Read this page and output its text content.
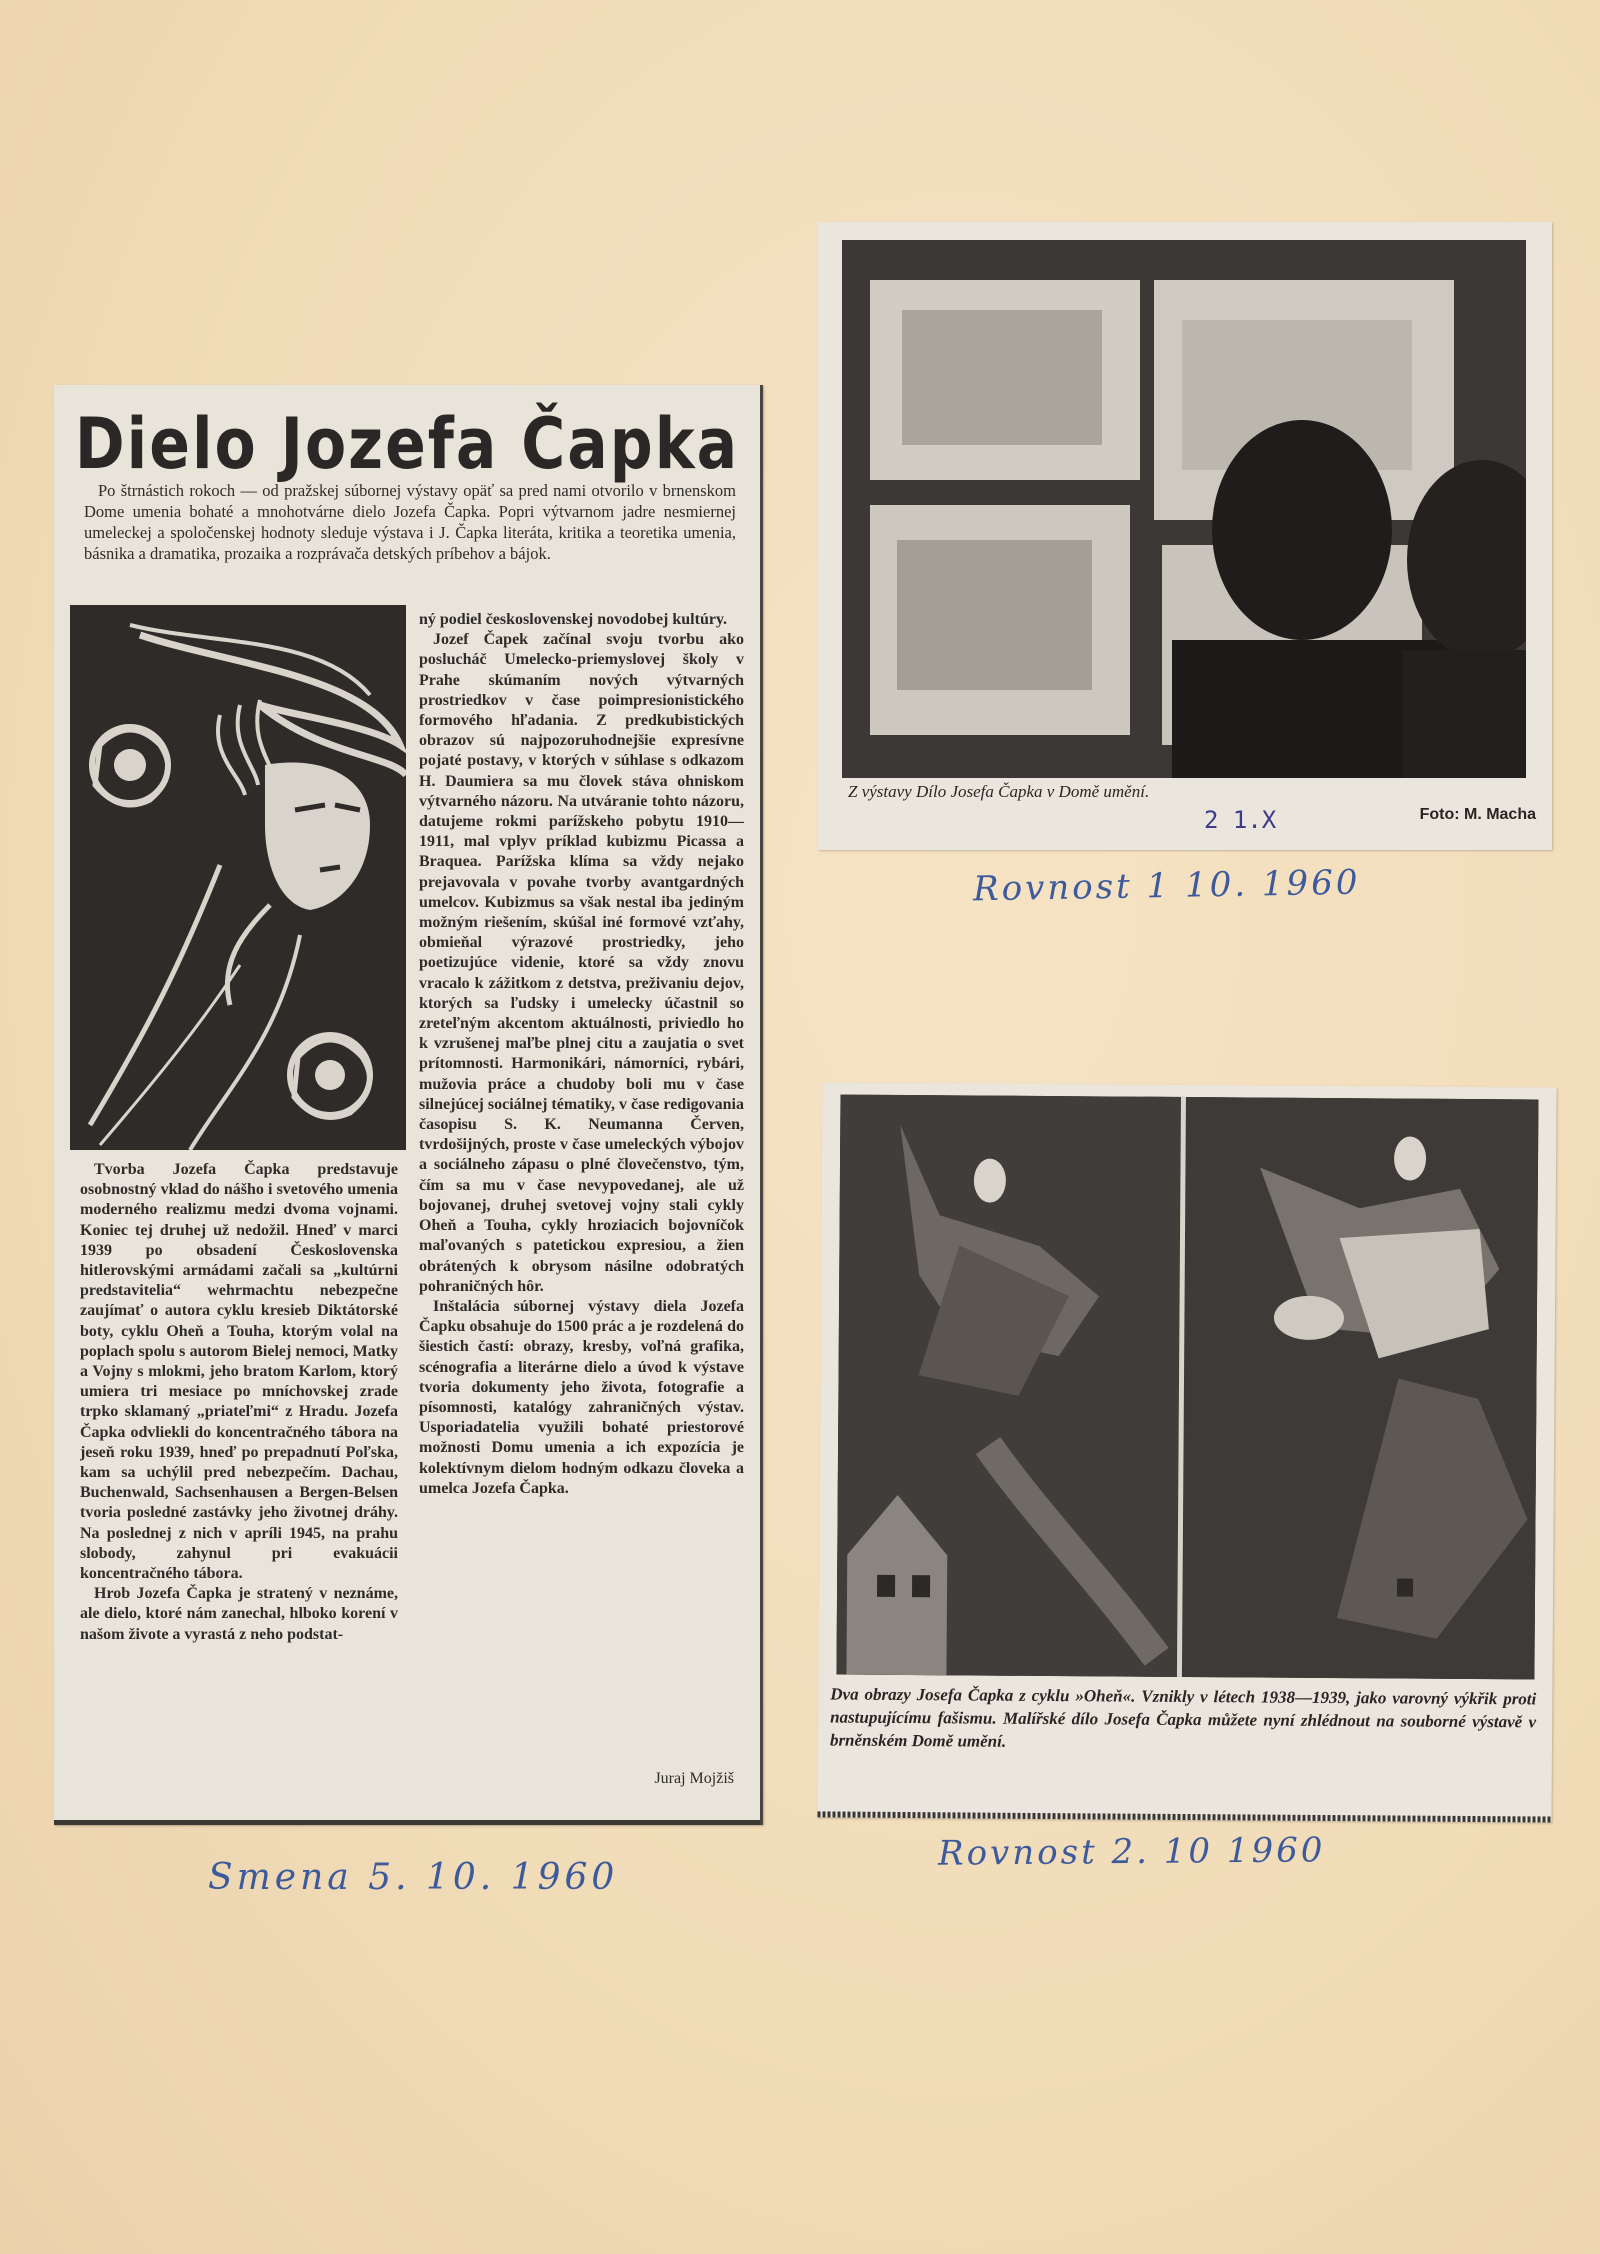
Dielo Jozefa Čapka
Po štrnástich rokoch — od pražskej súbornej výstavy opäť sa pred nami otvorilo v brnenskom Dome umenia bohaté a mnohotvárne dielo Jozefa Čapka. Popri výtvarnom jadre nesmiernej umeleckej a spoločenskej hodnoty sleduje výstava i J. Čapka literáta, kritika a teoretika umenia, básnika a dramatika, prozaika a rozprávača detských príbehov a bájok.

Tvorba Jozefa Čapka predstavuje osobnostný vklad do nášho i svetového umenia moderného realizmu medzi dvoma vojnami. Koniec tej druhej už nedožil. Hneď v marci 1939 po obsadení Československa hitlerovskými armádami začali sa „kultúrni predstavitelia“ wehrmachtu nebezpečne zaujímať o autora cyklu kresieb Diktátorské boty, cyklu Oheň a Touha, ktorým volal na poplach spolu s autorom Bielej nemoci, Matky a Vojny s mlokmi, jeho bratom Karlom, ktorý umiera tri mesiace po mníchovskej zrade trpko sklamaný „priateľmi“ z Hradu. Jozefa Čapka odvliekli do koncentračného tábora na jeseň roku 1939, hneď po prepadnutí Poľska, kam sa uchýlil pred nebezpečím. Dachau, Buchenwald, Sachsenhausen a Bergen-Belsen tvoria posledné zastávky jeho životnej dráhy. Na poslednej z nich v apríli 1945, na prahu slobody, zahynul pri evakuácii koncentračného tábora.

Hrob Jozefa Čapka je stratený v neznáme, ale dielo, ktoré nám zanechal, hlboko korení v našom živote a vyrastá z neho podstat-

ný podiel československej novodobej kultúry.

Jozef Čapek začínal svoju tvorbu ako poslucháč Umelecko-priemyslovej školy v Prahe skúmaním nových výtvarných prostriedkov v čase poimpresionistického formového hľadania. Z predkubistických obrazov sú najpozoruhodnejšie expresívne pojaté postavy, v ktorých v súhlase s odkazom H. Daumiera sa mu človek stáva ohniskom výtvarného názoru. Na utváranie tohto názoru, datujeme rokmi parížskeho pobytu 1910—1911, mal vplyv príklad kubizmu Picassa a Braquea. Parížska klíma sa vždy nejako prejavovala v povahe tvorby avantgardných umelcov. Kubizmus sa však nestal iba jediným možným riešením, skúšal iné formové vzťahy, obmieňal výrazové prostriedky, jeho poetizujúce videnie, ktoré sa vždy znovu vracalo k zážitkom z detstva, preživaniu dejov, ktorých sa ľudsky i umelecky účastnil so zreteľným akcentom aktuálnosti, priviedlo ho k vzrušenej maľbe plnej citu a zaujatia o svet prítomnosti. Harmonikári, námorníci, rybári, mužovia práce a chudoby boli mu v čase silnejúcej sociálnej tématiky, v čase redigovania časopisu S. K. Neumanna Červen, tvrdošijných, proste v čase umeleckých výbojov a sociálneho zápasu o plné človečenstvo, tým, čím sa mu v čase nevypovedanej, ale už bojovanej, druhej svetovej vojny stali cykly Oheň a Touha, cykly hroziacich bojovníčok maľovaných s patetickou expresiou, a žien obrátených k obrysom násilne odobratých pohraničných hôr.

Inštalácia súbornej výstavy diela Jozefa Čapku obsahuje do 1500 prác a je rozdelená do šiestich častí: obrazy, kresby, voľná grafika, scénografia a literárne dielo a úvod k výstave tvoria dokumenty jeho života, fotografie a písomnosti, katalógy zahraničných výstav. Usporiadatelia využili bohaté priestorové možnosti Domu umenia a ich expozícia je kolektívnym dielom hodným odkazu človeka a umelca Jozefa Čapka.

Juraj Mojžiš
Smena 5. 10. 1960
Z výstavy Dílo Josefa Čapka v Domě umění.
2 1.X	Foto: M. Macha
Rovnost 1 10. 1960
Dva obrazy Josefa Čapka z cyklu »Oheň«. Vznikly v létech 1938—1939, jako varovný výkřik proti nastupujícímu fašismu. Malířské dílo Josefa Čapka můžete nyní zhlédnout na souborné výstavě v brněnském Domě umění.
Rovnost 2. 10 1960
